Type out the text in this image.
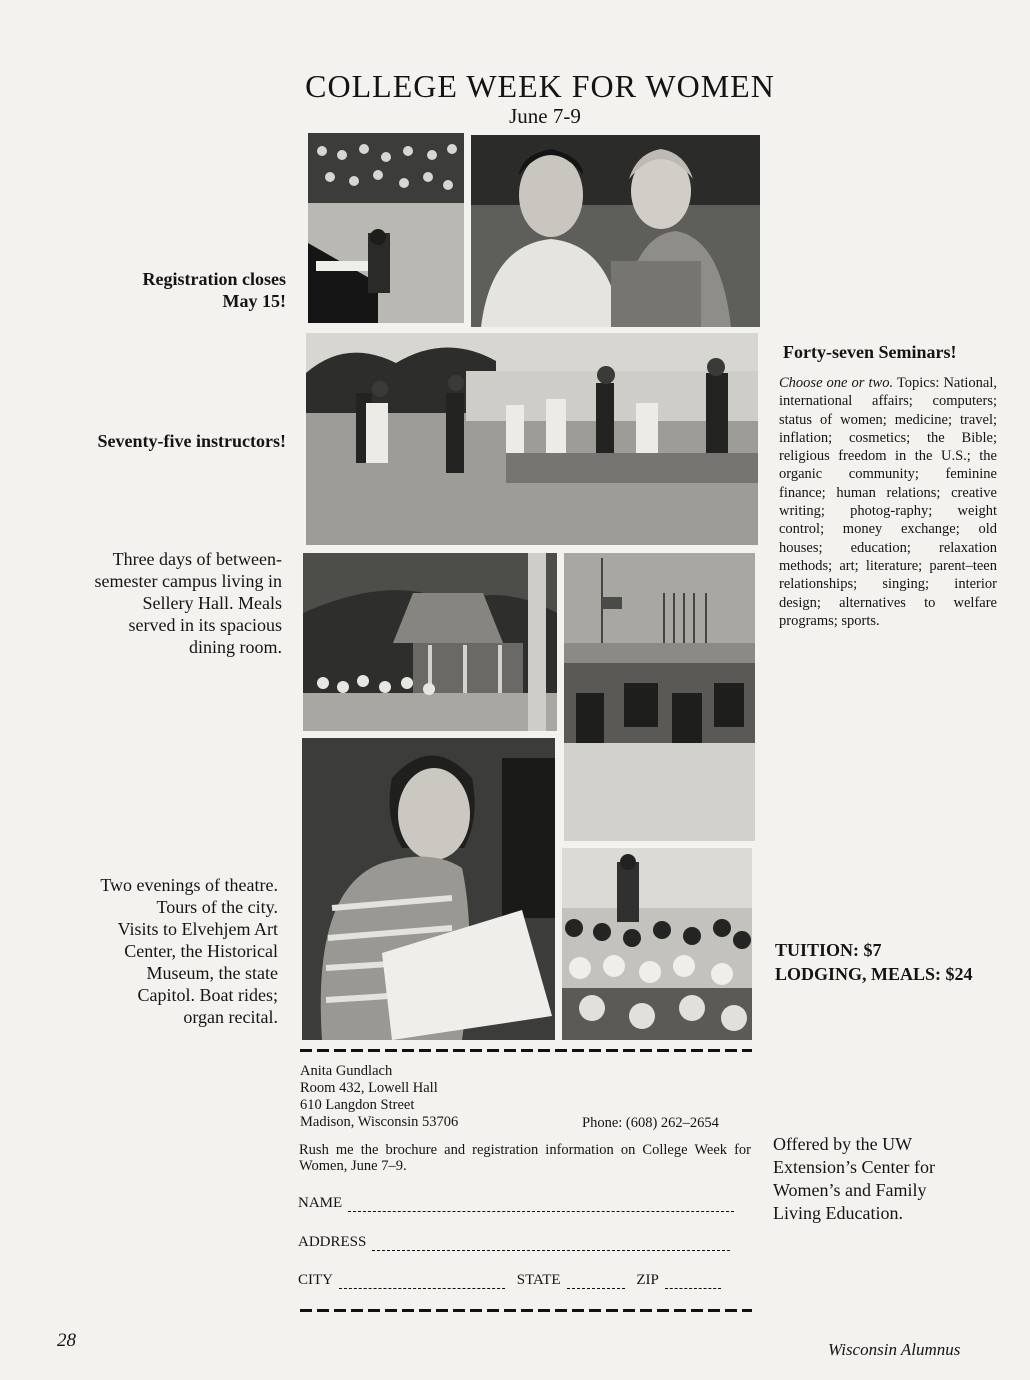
COLLEGE WEEK FOR WOMEN
June 7-9
Registration closes
May 15!
Seventy-five instructors!
Three days of between-
semester campus living in
Sellery Hall. Meals
served in its spacious
dining room.
Two evenings of theatre.
Tours of the city.
Visits to Elvehjem Art
Center, the Historical
Museum, the state
Capitol. Boat rides;
organ recital.
Forty-seven Seminars!
Choose one or two. Topics: National, international affairs; computers; status of women; medicine; travel; inflation; cosmetics; the Bible; religious freedom in the U.S.; the organic community; feminine finance; human relations; creative writing; photog-raphy; weight control; money exchange; old houses; education; relaxation methods; art; literature; parent–teen relationships; singing; interior design; alternatives to welfare programs; sports.
TUITION: $7
LODGING, MEALS: $24
Offered by the UW Extension’s Center for Women’s and Family Living Education.
Anita Gundlach
Room 432, Lowell Hall
610 Langdon Street
Madison, Wisconsin 53706	Phone: (608) 262–2654
Rush me the brochure and registration information on College Week for Women, June 7–9.
NAME
ADDRESS
CITY	STATE	ZIP
28	Wisconsin Alumnus
